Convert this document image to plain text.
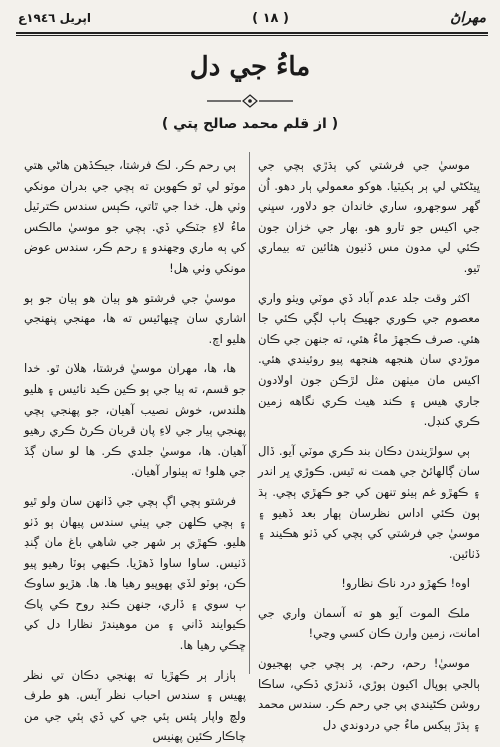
اپريل ١٩٤٦ع	( ١٨ )	مهراڻ
ماءُ جي دل
( از قلم محمد صالح پتي )

موسيٰ جي فرشتي کي ٻڌڙي ٻچي جي ڀيڻکڻي لي ٻر ٻکيٽيا. هوکو معمولي ٻار دهو. اُن گهر سوجهرو، ساري خاندان جو دلاور، سڀني جي اکيس جو تارو هو. بهار جي خزان جون ڪئي لي مدون مس ڏٺيون هئائين ته بيماري ٿيو.

اکثر وقت جلد عدم آباد ڏي موٽي ويٺو واري معصوم جي ڪوري جهيڪ ٻاٻ لڳي ڪئي جا هئي. صرف ڪجهڙ ماءُ هئي، ته جنهن جي ڪان موڙدي سان هنجهه هنجهه پيو روئيندي هئي. اکيس مان ميٺهن مثل لڙڪن جون اولادون جاري هيس ۽ ڪند هيٺ ڪري نگاهه زمين ڪري کنڊل.

ٻي سولڙيندن دڪان بند ڪري موٽي آيو. ڏال سان ڳالهائڻ جي همت نه ٿيس. ڪوڙي ڀر اندر ۽ ڪهڙو غم ٻيٺو تنهن کي جو ڪهڙي ٻچي. ٻڌ ٻون ڪئي اداس نظرسان ٻهار بعد ڏهيو ۽ موسيٰ جي فرشتي کي ٻچي کي ڏٺو هڪيند ۽ ڏٺائين.

اوه! ڪهڙو درد ناڪ نظارو!

ملڪ الموت آيو هو ته آسمان واري جي امانت، زمين وارن ڪان کسي وڃي!

موسيٰ! رحم، رحم. پر ٻچي جي ٻهجيون ٻالجي ٻوپال اکيون ٻوڙي، ڏندڙي ڏڪي، ساڪا روشن ڪڻيندي ٻي جي رحم ڪر. سندس محمد ۽ ٻڌڙ ٻيکس ماءُ جي دردوندي دل

ٻي رحم ڪر. لڪ فرشتا، جيڪڏهن هاڻي هتي موٽو لي ٿو ڪهوبن ته ٻچي جي بدران مونکي وٺي هل. خدا جي ٿاتي، ڪٻس سندس ڪترٽيل ماءُ لاءِ جٽڪي ڏي. ٻچي جو موسيٰ مالڪس کي ٻه ماري وڃهندو ۽ رحم ڪر، سندس عوض مونکي وٺي هل!

موسيٰ جي فرشتو هو ٻيان هو ٻيان جو ٻو اشاري سان ڇيهائيس ته ها، مهنجي پنهنجي هليو اچ.

ها، ها، مهران موسيٰ فرشتا، هلان ٿو. خدا جو قسم، ته ٻيا جي ٻو ڪين ڪيد نائيس ۽ هليو هلندس، خوش نصيب آهيان، جو پهنجي ٻچي پهنجي ٻيار جي لاءِ پان قربان ڪرڻ ڪري رهيو آهيان. ها، موسيٰ جلدي ڪر. ها لو سان ڳڏ جي هلو! ته ٻيٺوار آهيان.

فرشتو ٻچي اڳ ٻچي جي ڏانهن سان ولو ٿيو ۽ ٻچي ڪلهن جي ٻيٺي سندس پيهان ٻو ڏٺو هليو. ڪهڙي ٻر شهر جي شاهي باغ مان ڳنڊ ڏٺيس. ساوا ساوا ڏهڙيا. ڪيهي ٻوٽا رهيو پيو ڪن، ٻوٽو لڏي ٻهوپيو رهيا ها. ها. هڙيو ساوڪ ٻ سوي ۽ ڏاري، جنهن ڪنڊ روح ڪي پاڪ ڪيوايند ڏاني ۽ من موهيندڙ نظارا دل کي ڇڪي رهيا ها.

ٻازار ٻر ڪهڙيا ته ٻهنجي دڪان تي نظر پهيس ۽ سندس احباب نظر آيس. هو طرف ولچ واپار پئس ٻئي جي کي ڏي ٻئي جي من چاڪار ڪئين پهنيس
